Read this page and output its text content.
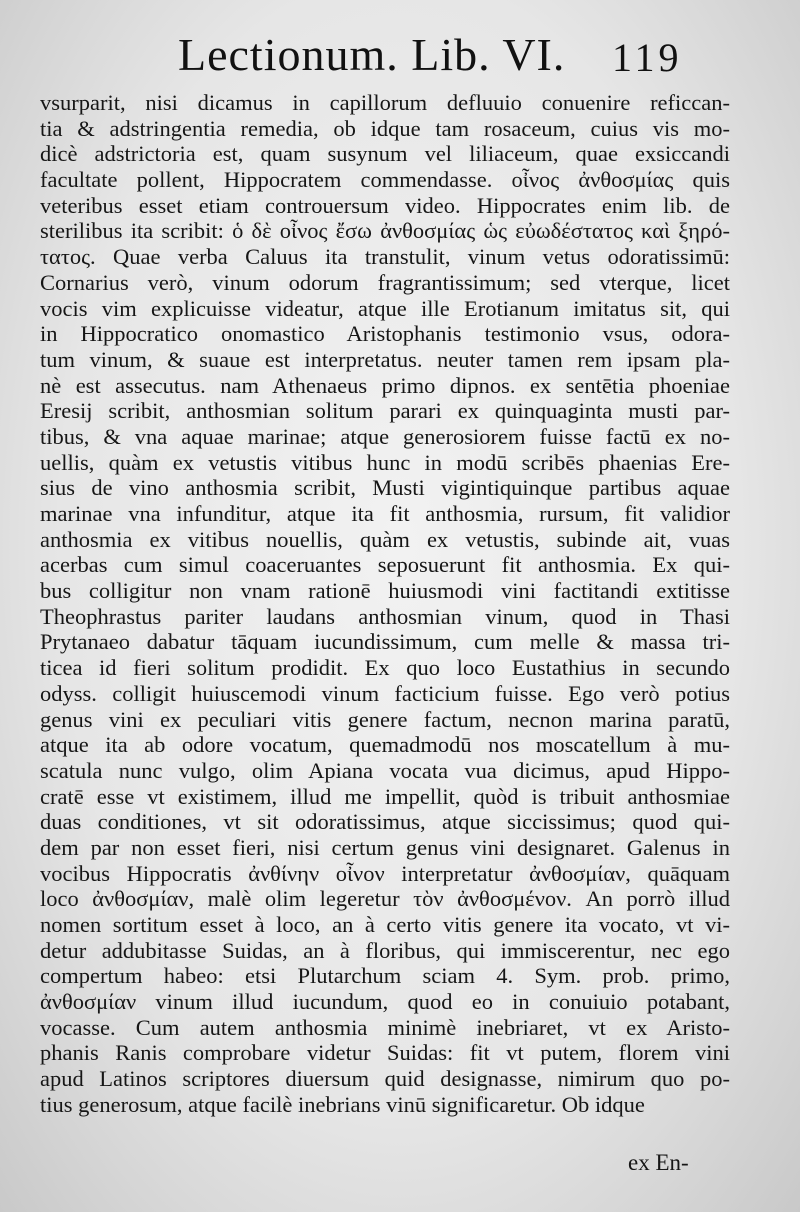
Lectionum. Lib. VI. 119
vsurparit, nisi dicamus in capillorum defluuio conuenire reficcan-
tia & adstringentia remedia, ob idque tam rosaceum, cuius vis mo-
dicè adstrictoria est, quam susynum vel liliaceum, quae exsiccandi
facultate pollent, Hippocratem commendasse. οἶνος ἀνθοσμίας quis
veteribus esset etiam controuersum video. Hippocrates enim lib. de
sterilibus ita scribit: ὁ δὲ οἶνος ἔσω ἀνθοσμίας ὡς εὐωδέστατος καὶ ξηρό-
τατος. Quae verba Caluus ita transtulit, vinum vetus odoratissimū:
Cornarius verò, vinum odorum fragrantissimum; sed vterque, licet
vocis vim explicuisse videatur, atque ille Erotianum imitatus sit, qui
in Hippocratico onomastico Aristophanis testimonio vsus, odora-
tum vinum, & suaue est interpretatus. neuter tamen rem ipsam pla-
nè est assecutus. nam Athenaeus primo dipnos. ex sentētia phoeniae
Eresij scribit, anthosmian solitum parari ex quinquaginta musti par-
tibus, & vna aquae marinae; atque generosiorem fuisse factū ex no-
uellis, quàm ex vetustis vitibus hunc in modū scribēs phaenias Ere-
sius de vino anthosmia scribit, Musti vigintiquinque partibus aquae
marinae vna infunditur, atque ita fit anthosmia, rursum, fit validior
anthosmia ex vitibus nouellis, quàm ex vetustis, subinde ait, vuas
acerbas cum simul coaceruantes seposuerunt fit anthosmia. Ex qui-
bus colligitur non vnam rationē huiusmodi vini factitandi extitisse
Theophrastus pariter laudans anthosmian vinum, quod in Thasi
Prytanaeo dabatur tāquam iucundissimum, cum melle & massa tri-
ticea id fieri solitum prodidit. Ex quo loco Eustathius in secundo
odyss. colligit huiuscemodi vinum facticium fuisse. Ego verò potius
genus vini ex peculiari vitis genere factum, necnon marina paratū,
atque ita ab odore vocatum, quemadmodū nos moscatellum à mu-
scatula nunc vulgo, olim Apiana vocata vua dicimus, apud Hippo-
cratē esse vt existimem, illud me impellit, quòd is tribuit anthosmiae
duas conditiones, vt sit odoratissimus, atque siccissimus; quod qui-
dem par non esset fieri, nisi certum genus vini designaret. Galenus in
vocibus Hippocratis ἀνθίνην οἶνον interpretatur ἀνθοσμίαν, quāquam
loco ἀνθοσμίαν, malè olim legeretur τὸν ἀνθοσμένον. An porrò illud
nomen sortitum esset à loco, an à certo vitis genere ita vocato, vt vi-
detur addubitasse Suidas, an à floribus, qui immiscerentur, nec ego
compertum habeo: etsi Plutarchum sciam 4. Sym. prob. primo,
ἀνθοσμίαν vinum illud iucundum, quod eo in conuiuio potabant,
vocasse. Cum autem anthosmia minimè inebriaret, vt ex Aristo-
phanis Ranis comprobare videtur Suidas: fit vt putem, florem vini
apud Latinos scriptores diuersum quid designasse, nimirum quo po-
tius generosum, atque facilè inebrians vinū significaretur. Ob idque
ex En-
